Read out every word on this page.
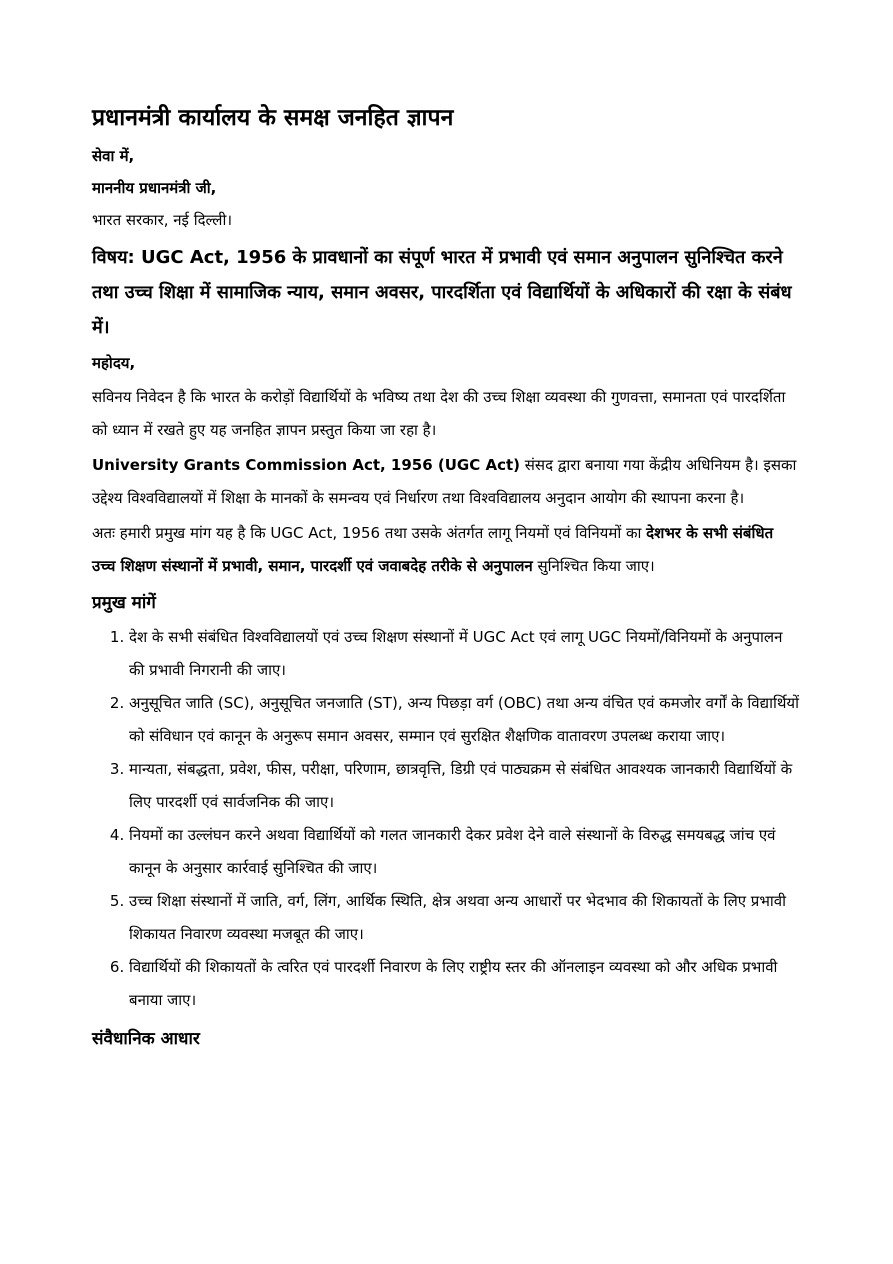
प्रधानमंत्री कार्यालय के समक्ष जनहित ज्ञापन

सेवा में,

माननीय प्रधानमंत्री जी,

भारत सरकार, नई दिल्ली।

विषय: UGC Act, 1956 के प्रावधानों का संपूर्ण भारत में प्रभावी एवं समान अनुपालन सुनिश्चित करने तथा उच्च शिक्षा में सामाजिक न्याय, समान अवसर, पारदर्शिता एवं विद्यार्थियों के अधिकारों की रक्षा के संबंध में।

महोदय,

सविनय निवेदन है कि भारत के करोड़ों विद्यार्थियों के भविष्य तथा देश की उच्च शिक्षा व्यवस्था की गुणवत्ता, समानता एवं पारदर्शिता को ध्यान में रखते हुए यह जनहित ज्ञापन प्रस्तुत किया जा रहा है।

University Grants Commission Act, 1956 (UGC Act) संसद द्वारा बनाया गया केंद्रीय अधिनियम है। इसका उद्देश्य विश्वविद्यालयों में शिक्षा के मानकों के समन्वय एवं निर्धारण तथा विश्वविद्यालय अनुदान आयोग की स्थापना करना है।

अतः हमारी प्रमुख मांग यह है कि UGC Act, 1956 तथा उसके अंतर्गत लागू नियमों एवं विनियमों का देशभर के सभी संबंधित उच्च शिक्षण संस्थानों में प्रभावी, समान, पारदर्शी एवं जवाबदेह तरीके से अनुपालन सुनिश्चित किया जाए।

प्रमुख मांगें
1. देश के सभी संबंधित विश्वविद्यालयों एवं उच्च शिक्षण संस्थानों में UGC Act एवं लागू UGC नियमों/विनियमों के अनुपालन की प्रभावी निगरानी की जाए।
2. अनुसूचित जाति (SC), अनुसूचित जनजाति (ST), अन्य पिछड़ा वर्ग (OBC) तथा अन्य वंचित एवं कमजोर वर्गों के विद्यार्थियों को संविधान एवं कानून के अनुरूप समान अवसर, सम्मान एवं सुरक्षित शैक्षणिक वातावरण उपलब्ध कराया जाए।
3. मान्यता, संबद्धता, प्रवेश, फीस, परीक्षा, परिणाम, छात्रवृत्ति, डिग्री एवं पाठ्यक्रम से संबंधित आवश्यक जानकारी विद्यार्थियों के लिए पारदर्शी एवं सार्वजनिक की जाए।
4. नियमों का उल्लंघन करने अथवा विद्यार्थियों को गलत जानकारी देकर प्रवेश देने वाले संस्थानों के विरुद्ध समयबद्ध जांच एवं कानून के अनुसार कार्रवाई सुनिश्चित की जाए।
5. उच्च शिक्षा संस्थानों में जाति, वर्ग, लिंग, आर्थिक स्थिति, क्षेत्र अथवा अन्य आधारों पर भेदभाव की शिकायतों के लिए प्रभावी शिकायत निवारण व्यवस्था मजबूत की जाए।
6. विद्यार्थियों की शिकायतों के त्वरित एवं पारदर्शी निवारण के लिए राष्ट्रीय स्तर की ऑनलाइन व्यवस्था को और अधिक प्रभावी बनाया जाए।
संवैधानिक आधार
